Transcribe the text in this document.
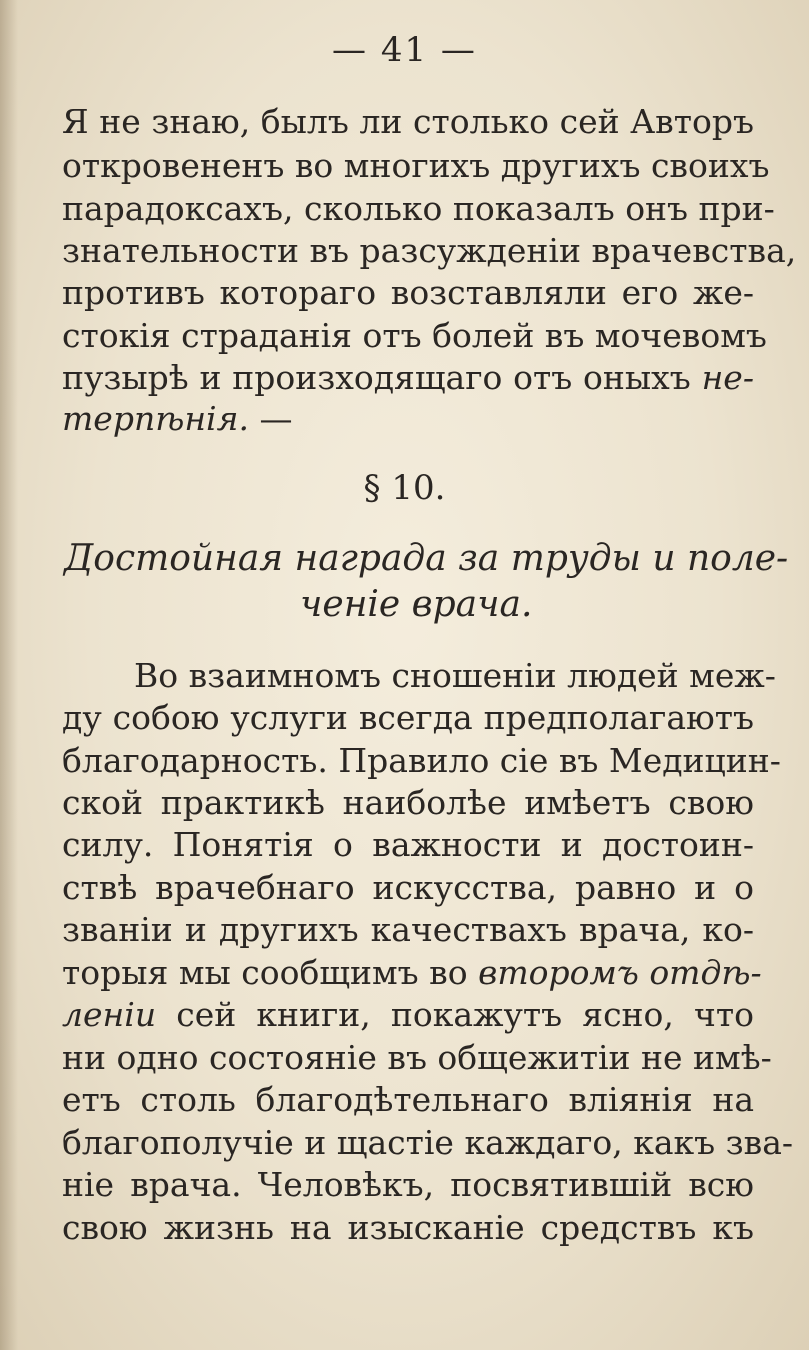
— 41 —
Я не знаю, былъ ли столько сей Авторъ
откровененъ во многихъ другихъ своихъ
парадоксахъ, сколько показалъ онъ при-
знательности въ разсужденіи врачевства,
противъ котораго возставляли его же-
стокія страданія отъ болей въ мочевомъ
пузырѣ и произходящаго отъ оныхъ не-
терпѣнія. —
§ 10.
Достойная награда за труды и поле-
ченіе врача.
Во взаимномъ сношеніи людей меж-
ду собою услуги всегда предполагаютъ
благодарность. Правило сіе въ Медицин-
ской практикѣ наиболѣе имѣетъ свою
силу. Понятія о важности и достоин-
ствѣ врачебнаго искусства, равно и о
званіи и другихъ качествахъ врача, ко-
торыя мы сообщимъ во второмъ отдѣ-
леніи сей книги, покажутъ ясно, что
ни одно состояніе въ общежитіи не имѣ-
етъ столь благодѣтельнаго вліянія на
благополучіе и щастіе каждаго, какъ зва-
ніе врача. Человѣкъ, посвятившій всю
свою жизнь на изысканіе средствъ къ
